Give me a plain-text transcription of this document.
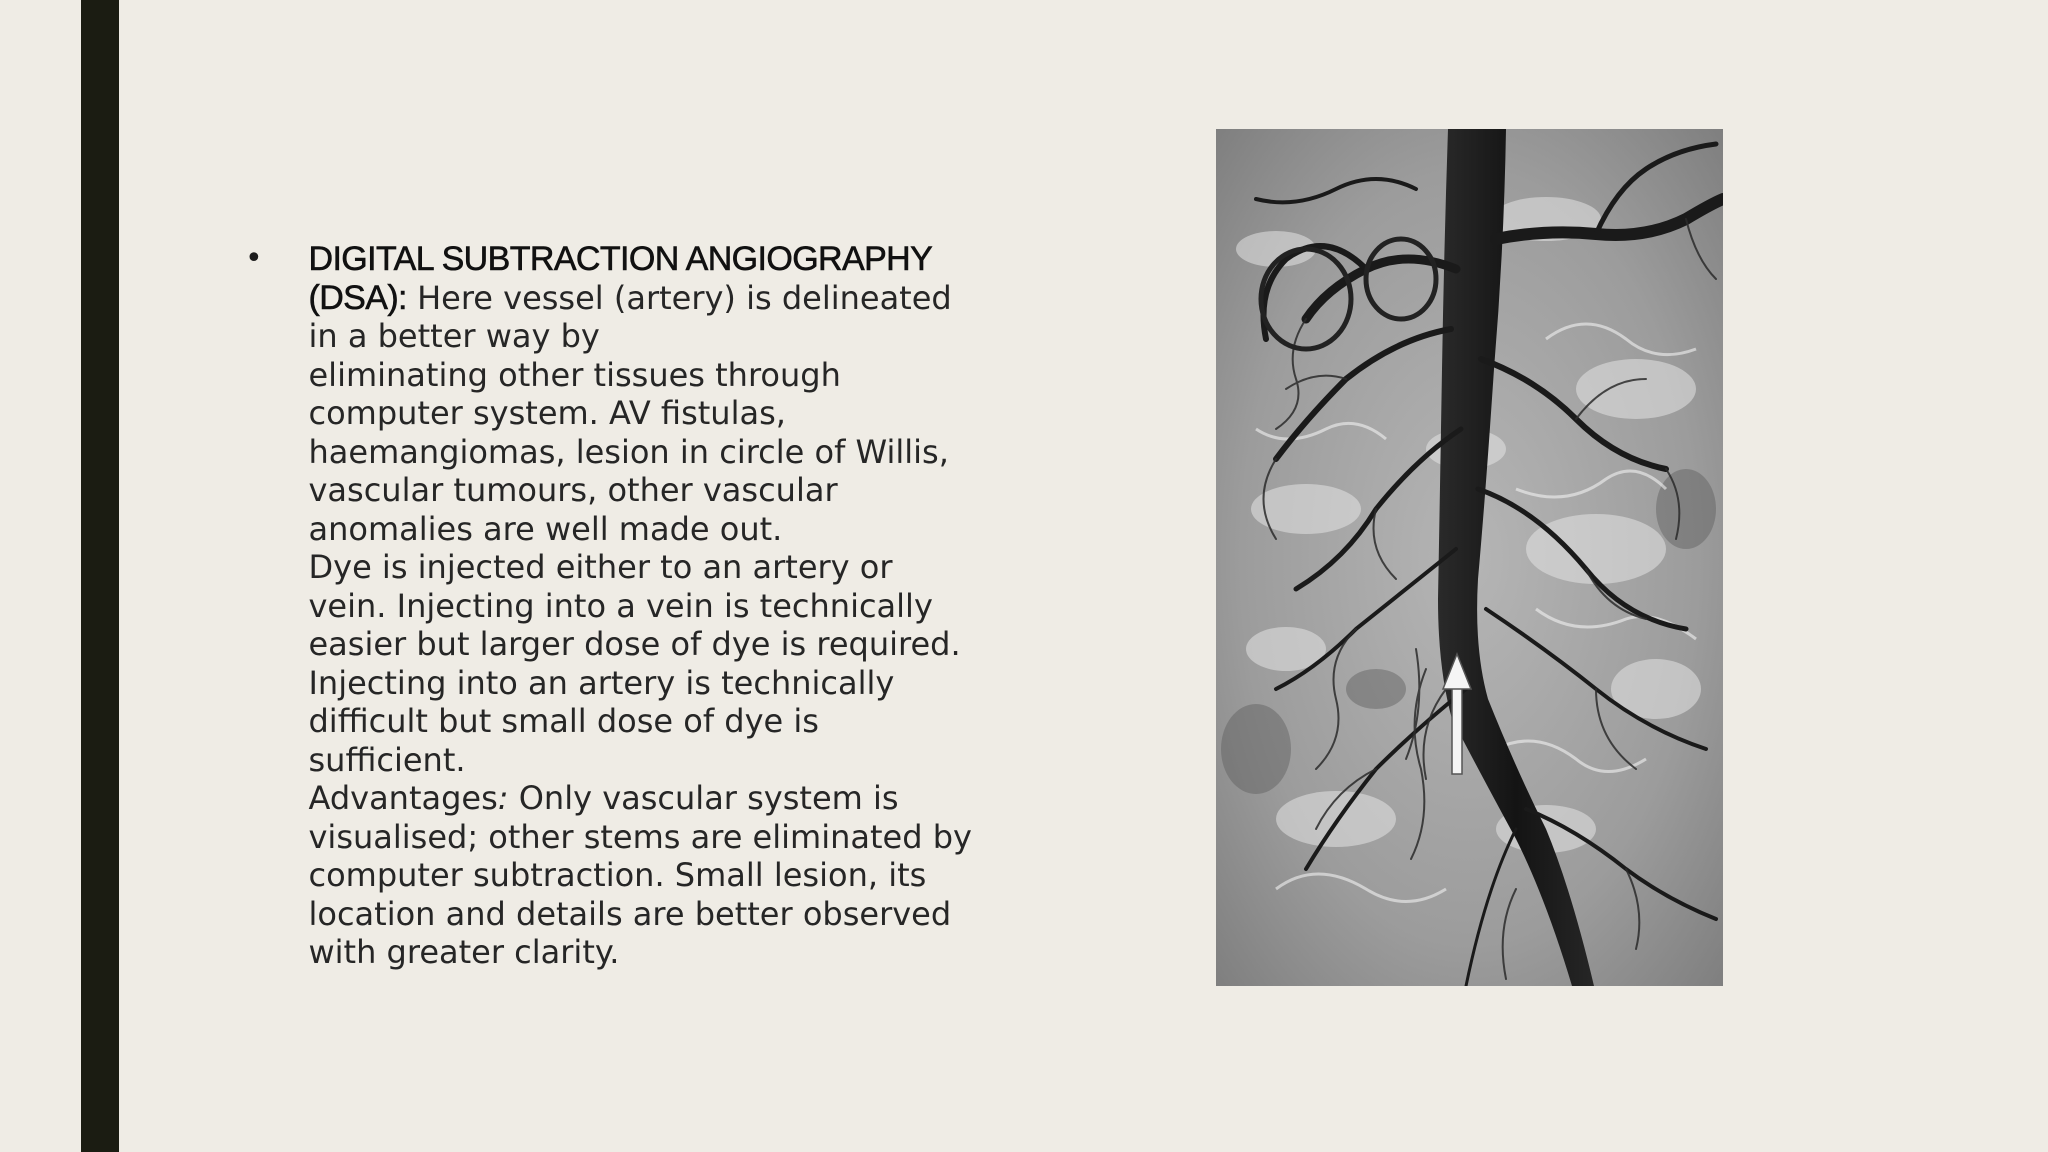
•	DIGITAL SUBTRACTION ANGIOGRAPHY
(DSA): Here vessel (artery) is delineated
in a better way by
eliminating other tissues through
computer system. AV fistulas,
haemangiomas, lesion in circle of Willis,
vascular tumours, other vascular
anomalies are well made out.
Dye is injected either to an artery or
vein. Injecting into a vein is technically
easier but larger dose of dye is required.
Injecting into an artery is technically
difficult but small dose of dye is
sufficient.
Advantages: Only vascular system is
visualised; other stems are eliminated by
computer subtraction. Small lesion, its
location and details are better observed
with greater clarity.
